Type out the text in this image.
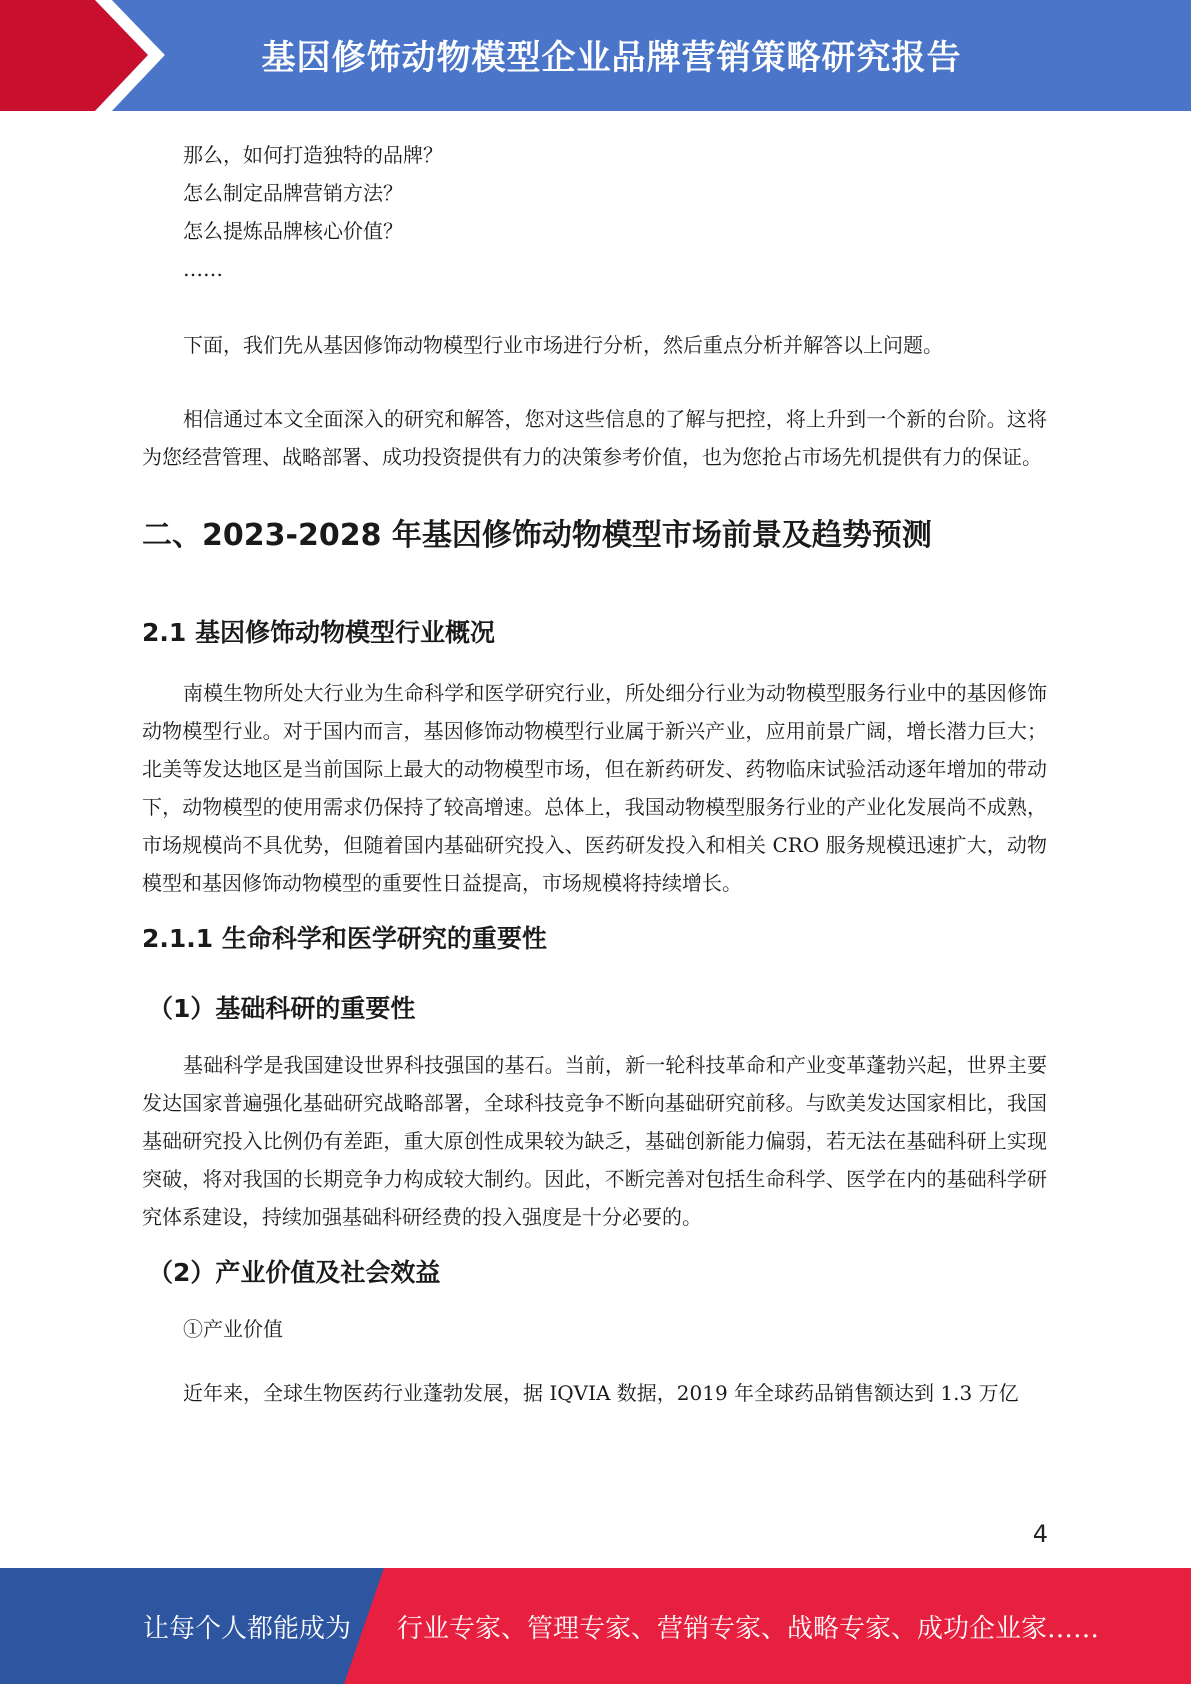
基因修饰动物模型企业品牌营销策略研究报告
那么，如何打造独特的品牌？
怎么制定品牌营销方法？
怎么提炼品牌核心价值？
……
下面，我们先从基因修饰动物模型行业市场进行分析，然后重点分析并解答以上问题。
相信通过本文全面深入的研究和解答，您对这些信息的了解与把控，将上升到一个新的台阶。这将为您经营管理、战略部署、成功投资提供有力的决策参考价值，也为您抢占市场先机提供有力的保证。
二、2023-2028 年基因修饰动物模型市场前景及趋势预测
2.1 基因修饰动物模型行业概况
南模生物所处大行业为生命科学和医学研究行业，所处细分行业为动物模型服务行业中的基因修饰动物模型行业。对于国内而言，基因修饰动物模型行业属于新兴产业，应用前景广阔，增长潜力巨大；北美等发达地区是当前国际上最大的动物模型市场，但在新药研发、药物临床试验活动逐年增加的带动下，动物模型的使用需求仍保持了较高增速。总体上，我国动物模型服务行业的产业化发展尚不成熟，市场规模尚不具优势，但随着国内基础研究投入、医药研发投入和相关 CRO 服务规模迅速扩大，动物模型和基因修饰动物模型的重要性日益提高，市场规模将持续增长。
2.1.1 生命科学和医学研究的重要性
（1）基础科研的重要性
基础科学是我国建设世界科技强国的基石。当前，新一轮科技革命和产业变革蓬勃兴起，世界主要发达国家普遍强化基础研究战略部署，全球科技竞争不断向基础研究前移。与欧美发达国家相比，我国基础研究投入比例仍有差距，重大原创性成果较为缺乏，基础创新能力偏弱，若无法在基础科研上实现突破，将对我国的长期竞争力构成较大制约。因此，不断完善对包括生命科学、医学在内的基础科学研究体系建设，持续加强基础科研经费的投入强度是十分必要的。
（2）产业价值及社会效益
①产业价值
近年来，全球生物医药行业蓬勃发展，据 IQVIA 数据，2019 年全球药品销售额达到 1.3 万亿
4
让每个人都能成为 行业专家、管理专家、营销专家、战略专家、成功企业家……
